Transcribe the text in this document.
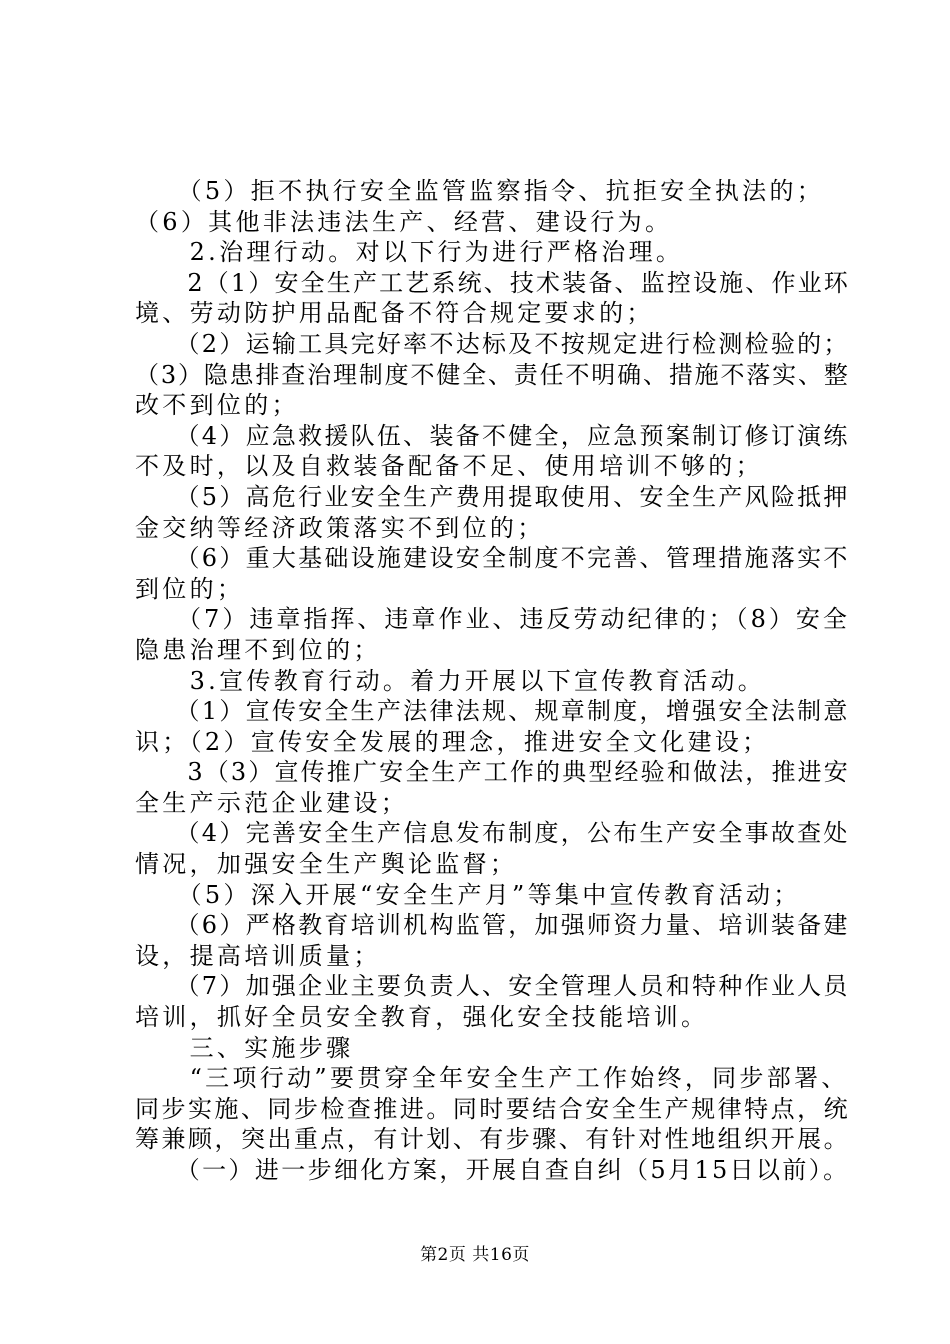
　　（5）拒不执行安全监管监察指令、抗拒安全执法的；
（6）其他非法违法生产、经营、建设行为。
　　2.治理行动。对以下行为进行严格治理。
　　2（1）安全生产工艺系统、技术装备、监控设施、作业环
境、劳动防护用品配备不符合规定要求的；
　　（2）运输工具完好率不达标及不按规定进行检测检验的；
（3）隐患排查治理制度不健全、责任不明确、措施不落实、整
改不到位的；
　　（4）应急救援队伍、装备不健全，应急预案制订修订演练
不及时，以及自救装备配备不足、使用培训不够的；
　　（5）高危行业安全生产费用提取使用、安全生产风险抵押
金交纳等经济政策落实不到位的；
　　（6）重大基础设施建设安全制度不完善、管理措施落实不
到位的；
　　（7）违章指挥、违章作业、违反劳动纪律的；（8）安全
隐患治理不到位的；
　　3.宣传教育行动。着力开展以下宣传教育活动。
　　（1）宣传安全生产法律法规、规章制度，增强安全法制意
识；（2）宣传安全发展的理念，推进安全文化建设；
　　3（3）宣传推广安全生产工作的典型经验和做法，推进安
全生产示范企业建设；
　　（4）完善安全生产信息发布制度，公布生产安全事故查处
情况，加强安全生产舆论监督；
　　（5）深入开展“安全生产月”等集中宣传教育活动；
　　（6）严格教育培训机构监管，加强师资力量、培训装备建
设，提高培训质量；
　　（7）加强企业主要负责人、安全管理人员和特种作业人员
培训，抓好全员安全教育，强化安全技能培训。
　　三、实施步骤
　　“三项行动”要贯穿全年安全生产工作始终，同步部署、
同步实施、同步检查推进。同时要结合安全生产规律特点，统
筹兼顾，突出重点，有计划、有步骤、有针对性地组织开展。
　　（一）进一步细化方案，开展自查自纠（5月15日以前）。
第2页 共16页
